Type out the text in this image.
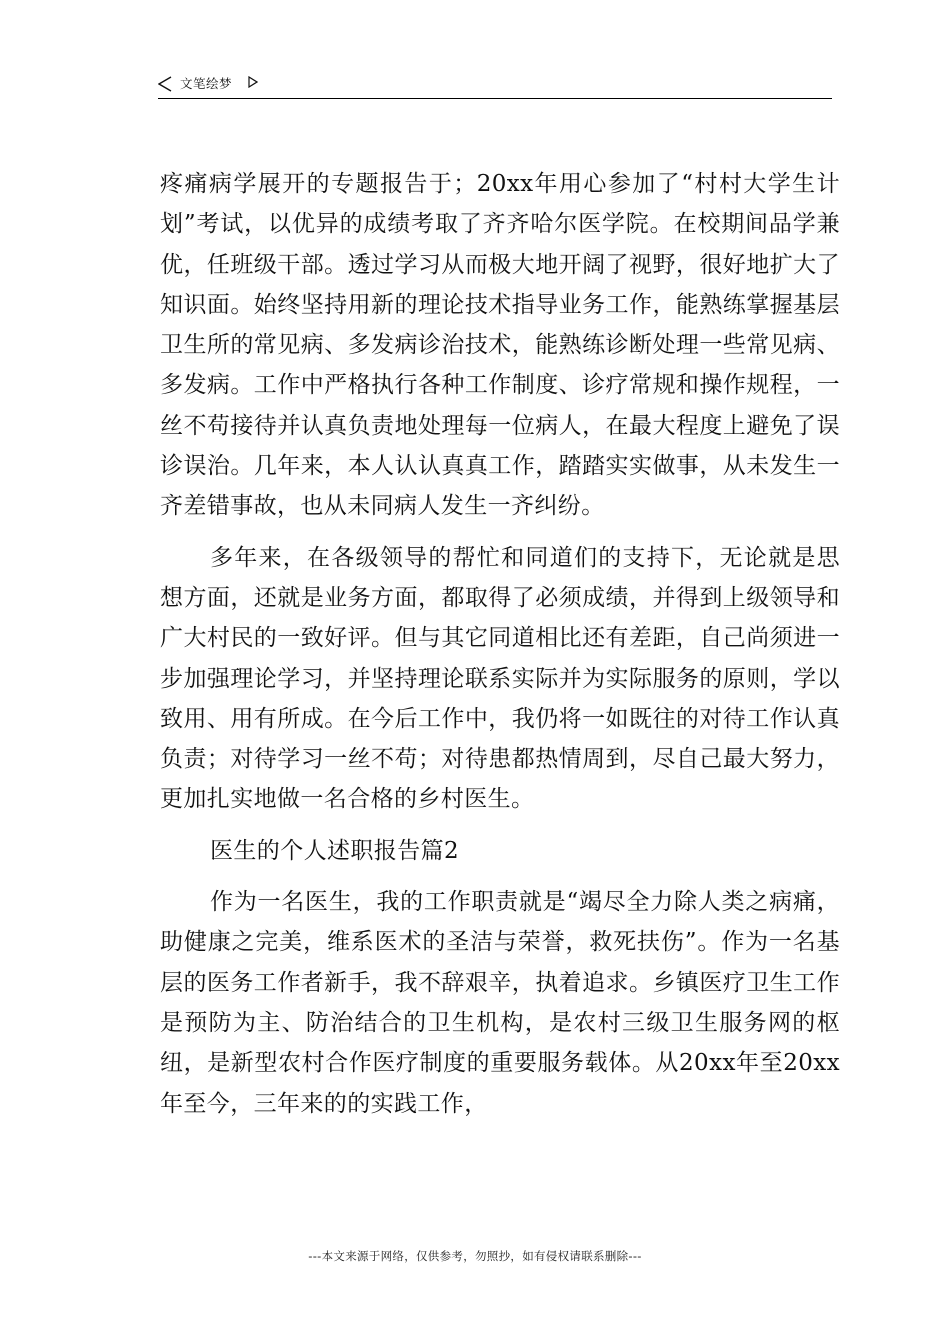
文笔绘梦

疼痛病学展开的专题报告于；20xx年用心参加了“村村大学生计划”考试，以优异的成绩考取了齐齐哈尔医学院。在校期间品学兼优，任班级干部。透过学习从而极大地开阔了视野，很好地扩大了知识面。始终坚持用新的理论技术指导业务工作，能熟练掌握基层卫生所的常见病、多发病诊治技术，能熟练诊断处理一些常见病、多发病。工作中严格执行各种工作制度、诊疗常规和操作规程，一丝不苟接待并认真负责地处理每一位病人，在最大程度上避免了误诊误治。几年来，本人认认真真工作，踏踏实实做事，从未发生一齐差错事故，也从未同病人发生一齐纠纷。

多年来，在各级领导的帮忙和同道们的支持下，无论就是思想方面，还就是业务方面，都取得了必须成绩，并得到上级领导和广大村民的一致好评。但与其它同道相比还有差距，自己尚须进一步加强理论学习，并坚持理论联系实际并为实际服务的原则，学以致用、用有所成。在今后工作中，我仍将一如既往的对待工作认真负责；对待学习一丝不苟；对待患都热情周到，尽自己最大努力，更加扎实地做一名合格的乡村医生。

医生的个人述职报告篇2

作为一名医生，我的工作职责就是“竭尽全力除人类之病痛，助健康之完美，维系医术的圣洁与荣誉，救死扶伤”。作为一名基层的医务工作者新手，我不辞艰辛，执着追求。乡镇医疗卫生工作是预防为主、防治结合的卫生机构，是农村三级卫生服务网的枢纽，是新型农村合作医疗制度的重要服务载体。从20xx年至20xx年至今，三年来的的实践工作，

---本文来源于网络，仅供参考，勿照抄，如有侵权请联系删除---
